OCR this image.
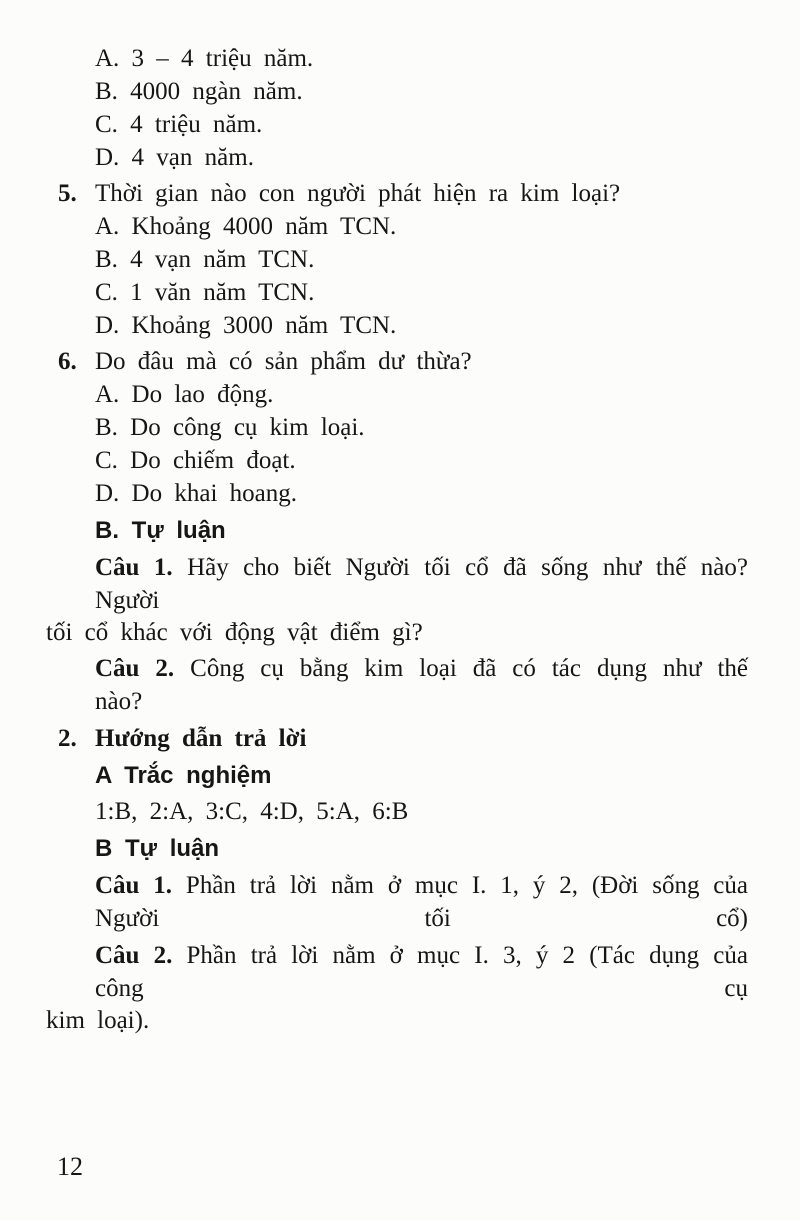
A. 3 – 4 triệu năm.
B. 4000 ngàn năm.
C. 4 triệu năm.
D. 4 vạn năm.
5. Thời gian nào con người phát hiện ra kim loại?
A. Khoảng 4000 năm TCN.
B. 4 vạn năm TCN.
C. 1 văn năm TCN.
D. Khoảng 3000 năm TCN.
6. Do đâu mà có sản phẩm dư thừa?
A. Do lao động.
B. Do công cụ kim loại.
C. Do chiếm đoạt.
D. Do khai hoang.
B. Tự luận
Câu 1. Hãy cho biết Người tối cổ đã sống như thế nào? Người
tối cổ khác với động vật điểm gì?
Câu 2. Công cụ bằng kim loại đã có tác dụng như thế nào?
2. Hướng dẫn trả lời
A Trắc nghiệm
1:B, 2:A, 3:C, 4:D, 5:A, 6:B
B Tự luận
Câu 1. Phần trả lời nằm ở mục I. 1, ý 2, (Đời sống của Người tối cổ)
Câu 2. Phần trả lời nằm ở mục I. 3, ý 2 (Tác dụng của công cụ
kim loại).
12
